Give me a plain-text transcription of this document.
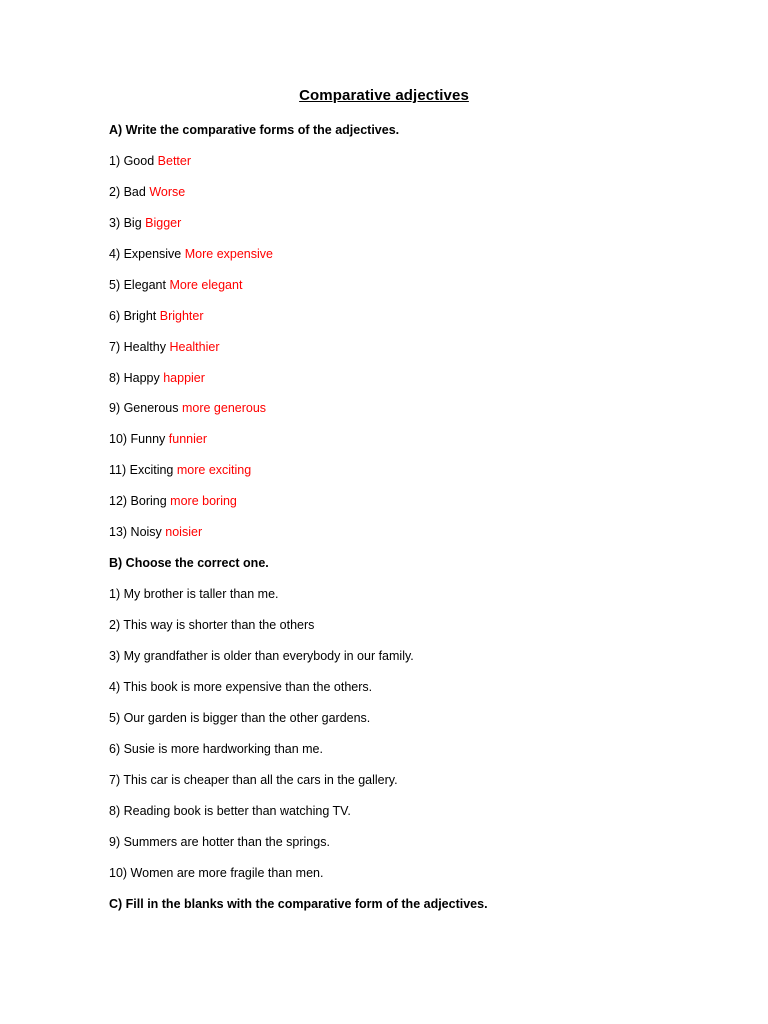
Comparative adjectives
A) Write the comparative forms of the adjectives.
1) Good Better
2) Bad Worse
3) Big Bigger
4) Expensive More expensive
5) Elegant More elegant
6) Bright Brighter
7) Healthy Healthier
8) Happy happier
9) Generous more generous
10) Funny funnier
11) Exciting more exciting
12) Boring more boring
13) Noisy noisier
B) Choose the correct one.
1) My brother is taller than me.
2) This way is shorter than the others
3) My grandfather is older than everybody in our family.
4) This book is more expensive than the others.
5) Our garden is bigger than the other gardens.
6) Susie is more hardworking than me.
7) This car is cheaper than all the cars in the gallery.
8) Reading book is better than watching TV.
9) Summers are hotter than the springs.
10) Women are more fragile than men.
C) Fill in the blanks with the comparative form of the adjectives.
